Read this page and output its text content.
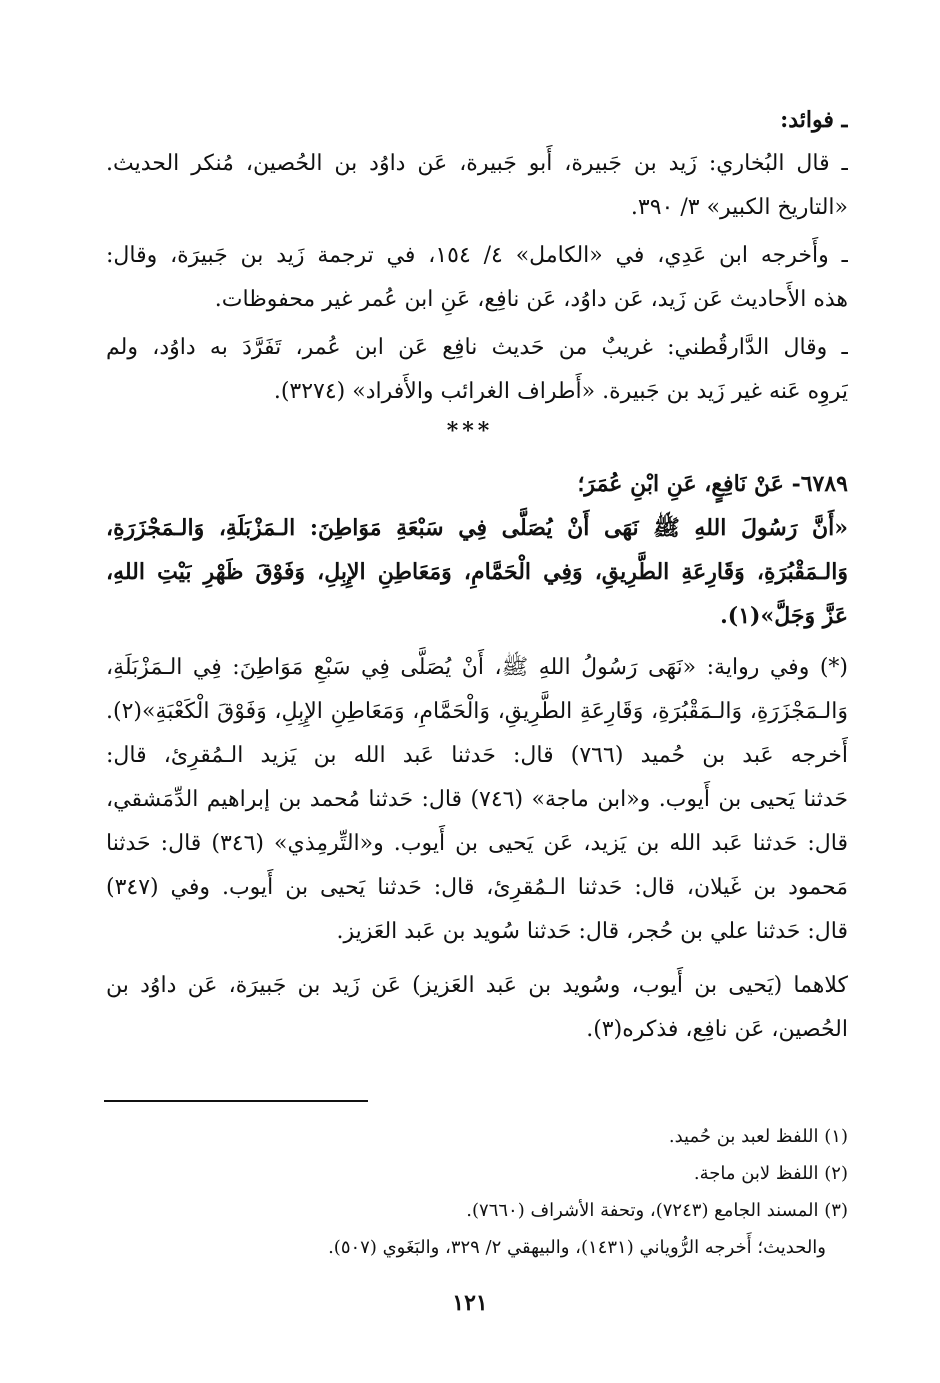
ـ فوائد:
ـ قال البُخاري: زَيد بن جَبيرة، أَبو جَبيرة، عَن داوُد بن الحُصين، مُنكر الحديث.
«التاريخ الكبير» ٣/ ٣٩٠.
ـ وأَخرجه ابن عَدِي، في «الكامل» ٤/ ١٥٤، في ترجمة زَيد بن جَبيرَة، وقال:
هذه الأَحاديث عَن زَيد، عَن داوُد، عَن نافِع، عَنِ ابن عُمر غير محفوظات.
ـ وقال الدَّارقُطني: غريبٌ من حَديث نافِع عَن ابن عُمر، تَفَرَّدَ به داوُد، ولم
يَروِه عَنه غير زَيد بن جَبيرة. «أَطراف الغرائب والأَفراد» (٣٢٧٤).
***
٦٧٨٩- عَنْ نَافِعٍ، عَنِ ابْنِ عُمَرَ؛
«أَنَّ رَسُولَ اللهِ ﷺ نَهَى أَنْ يُصَلَّى فِي سَبْعَةِ مَوَاطِنَ: الـمَزْبَلَةِ، وَالـمَجْزَرَةِ،
وَالـمَقْبُرَةِ، وَقَارِعَةِ الطَّرِيقِ، وَفِي الْحَمَّامِ، وَمَعَاطِنِ الإِبِلِ، وَفَوْقَ ظَهْرِ بَيْتِ اللهِ،
عَزَّ وَجَلَّ»(١).
(*) وفي رواية: «نَهَى رَسُولُ اللهِ ﷺ، أَنْ يُصَلَّى فِي سَبْعِ مَوَاطِنَ: فِي الـمَزْبَلَةِ،
وَالـمَجْزَرَةِ، وَالـمَقْبُرَةِ، وَقَارِعَةِ الطَّرِيقِ، وَالْحَمَّامِ، وَمَعَاطِنِ الإِبِلِ، وَفَوْقَ الْكَعْبَةِ»(٢).
أَخرجه عَبد بن حُميد (٧٦٦) قال: حَدثنا عَبد الله بن يَزيد الـمُقرِئ، قال:
حَدثنا يَحيى بن أَيوب. و«ابن ماجة» (٧٤٦) قال: حَدثنا مُحمد بن إبراهيم الدِّمَشقي،
قال: حَدثنا عَبد الله بن يَزيد، عَن يَحيى بن أَيوب. و«التِّرمِذي» (٣٤٦) قال: حَدثنا
مَحمود بن غَيلان، قال: حَدثنا الـمُقرِئ، قال: حَدثنا يَحيى بن أَيوب. وفي (٣٤٧)
قال: حَدثنا علي بن حُجر، قال: حَدثنا سُويد بن عَبد العَزيز.
كلاهما (يَحيى بن أَيوب، وسُويد بن عَبد العَزيز) عَن زَيد بن جَبيرَة، عَن داوُد بن
الحُصين، عَن نافِع، فذكره(٣).
(١) اللفظ لعبد بن حُميد.
(٢) اللفظ لابن ماجة.
(٣) المسند الجامع (٧٢٤٣)، وتحفة الأشراف (٧٦٦٠).
والحديث؛ أَخرجه الرُّوياني (١٤٣١)، والبيهقي ٢/ ٣٢٩، والبَغَوي (٥٠٧).
١٢١
